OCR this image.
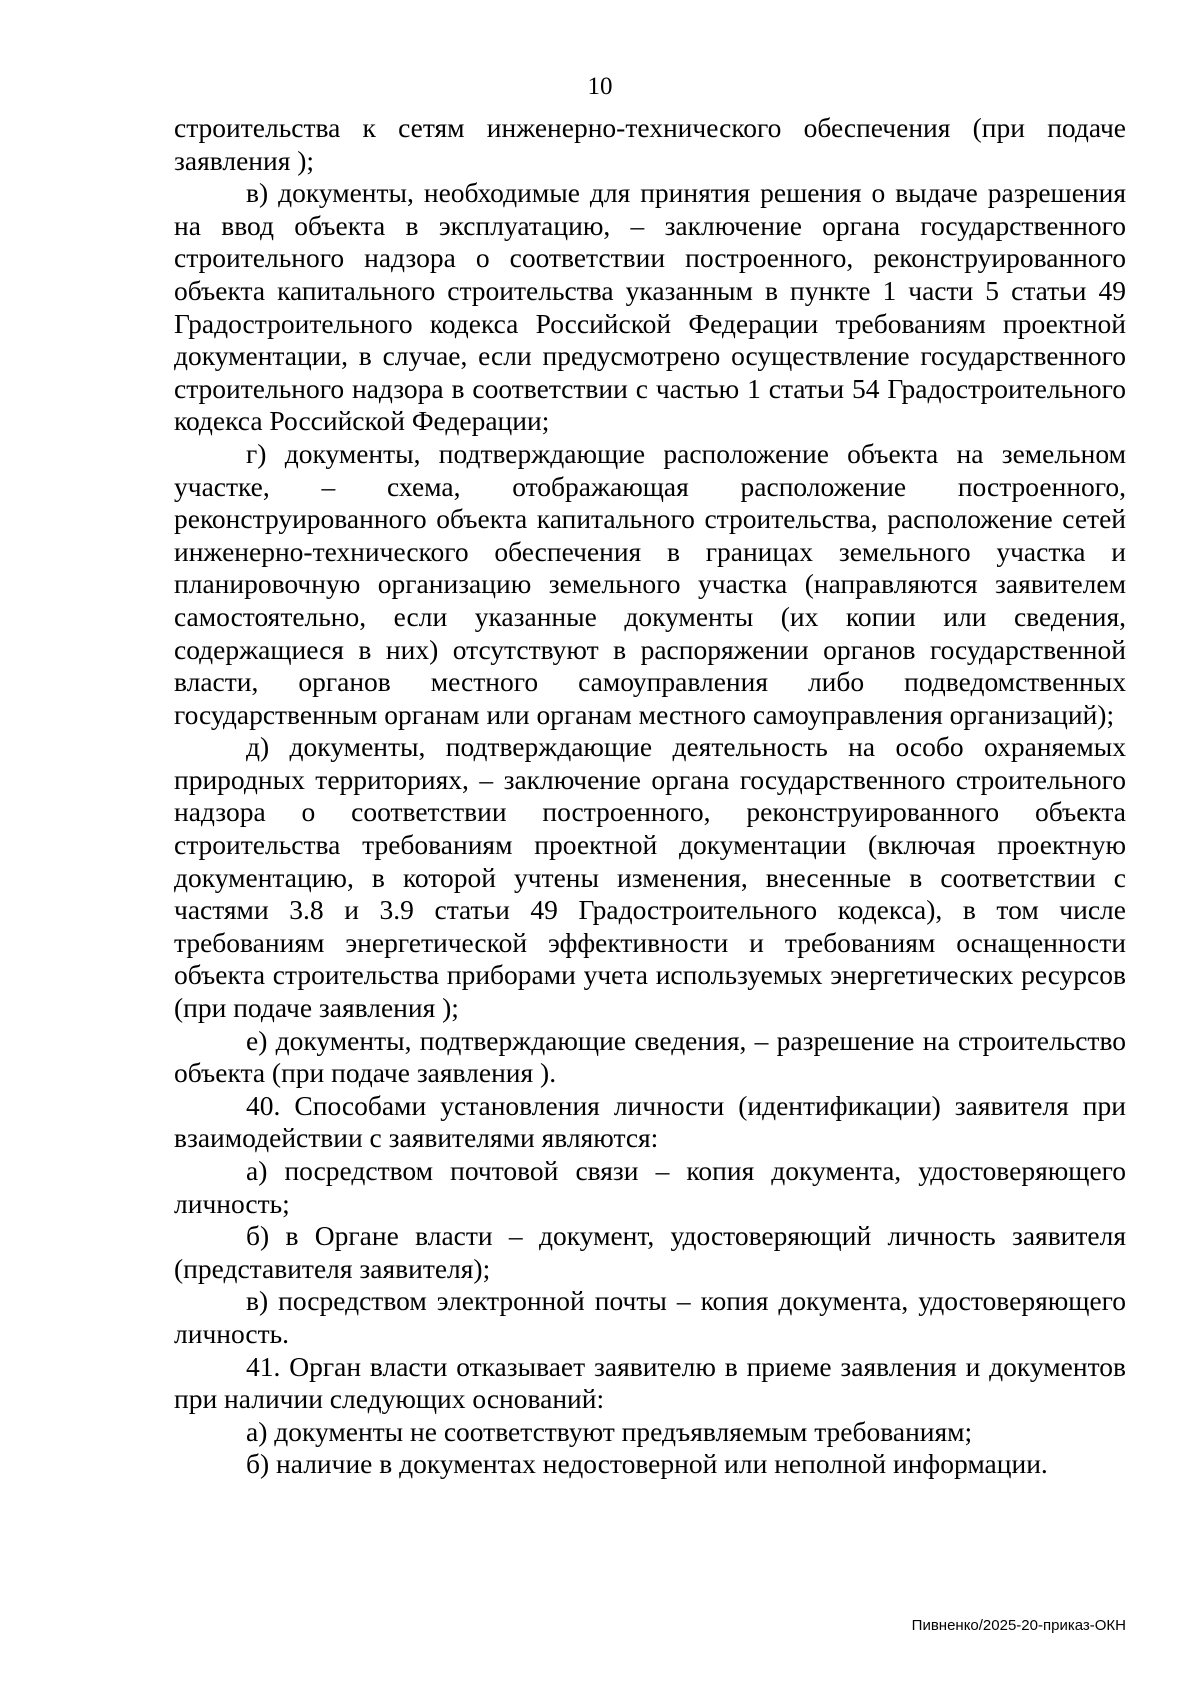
10

строительства к сетям инженерно-технического обеспечения (при подаче заявления );

в) документы, необходимые для принятия решения о выдаче разрешения на ввод объекта в эксплуатацию, – заключение органа государственного строительного надзора о соответствии построенного, реконструированного объекта капитального строительства указанным в пункте 1 части 5 статьи 49 Градостроительного кодекса Российской Федерации требованиям проектной документации, в случае, если предусмотрено осуществление государственного строительного надзора в соответствии с частью 1 статьи 54 Градостроительного кодекса Российской Федерации;

г) документы, подтверждающие расположение объекта на земельном участке, – схема, отображающая расположение построенного, реконструированного объекта капитального строительства, расположение сетей инженерно-технического обеспечения в границах земельного участка и планировочную организацию земельного участка (направляются заявителем самостоятельно, если указанные документы (их копии или сведения, содержащиеся в них) отсутствуют в распоряжении органов государственной власти, органов местного самоуправления либо подведомственных государственным органам или органам местного самоуправления организаций);

д) документы, подтверждающие деятельность на особо охраняемых природных территориях, – заключение органа государственного строительного надзора о соответствии построенного, реконструированного объекта строительства требованиям проектной документации (включая проектную документацию, в которой учтены изменения, внесенные в соответствии с частями 3.8 и 3.9 статьи 49 Градостроительного кодекса), в том числе требованиям энергетической эффективности и требованиям оснащенности объекта строительства приборами учета используемых энергетических ресурсов (при подаче заявления );

е) документы, подтверждающие сведения, – разрешение на строительство объекта (при подаче заявления ).

40. Способами установления личности (идентификации) заявителя при взаимодействии с заявителями являются:

а) посредством почтовой связи – копия документа, удостоверяющего личность;

б) в Органе власти – документ, удостоверяющий личность заявителя (представителя заявителя);

в) посредством электронной почты – копия документа, удостоверяющего личность.

41. Орган власти отказывает заявителю в приеме заявления и документов при наличии следующих оснований:

а) документы не соответствуют предъявляемым требованиям;

б) наличие в документах недостоверной или неполной информации.

Пивненко/2025-20-приказ-ОКН
